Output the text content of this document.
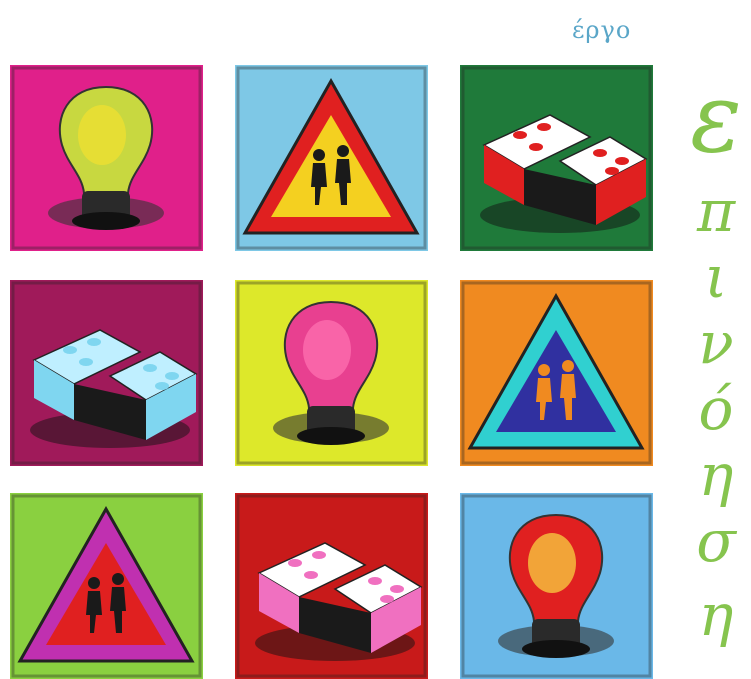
έργο
ε
π
ι
ν
ό
η
σ
η
